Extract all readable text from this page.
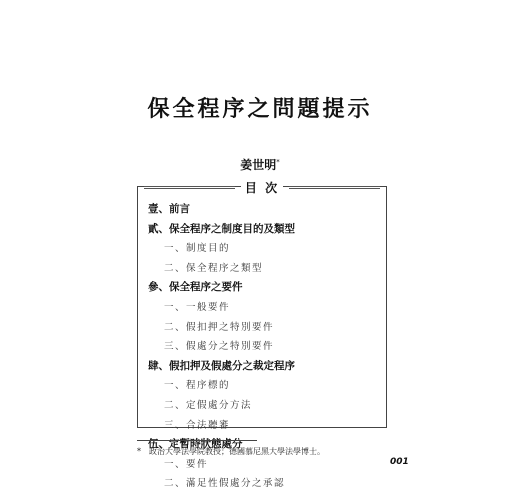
保全程序之問題提示
姜世明*
目 次
壹、前言
貳、保全程序之制度目的及類型
一、制度目的
二、保全程序之類型
參、保全程序之要件
一、一般要件
二、假扣押之特別要件
三、假處分之特別要件
肆、假扣押及假處分之裁定程序
一、程序標的
二、定假處分方法
三、合法聽審
伍、定暫時狀態處分
一、要件
二、滿足性假處分之承認
*　政治大學法學院教授；德國慕尼黑大學法學博士。
001
